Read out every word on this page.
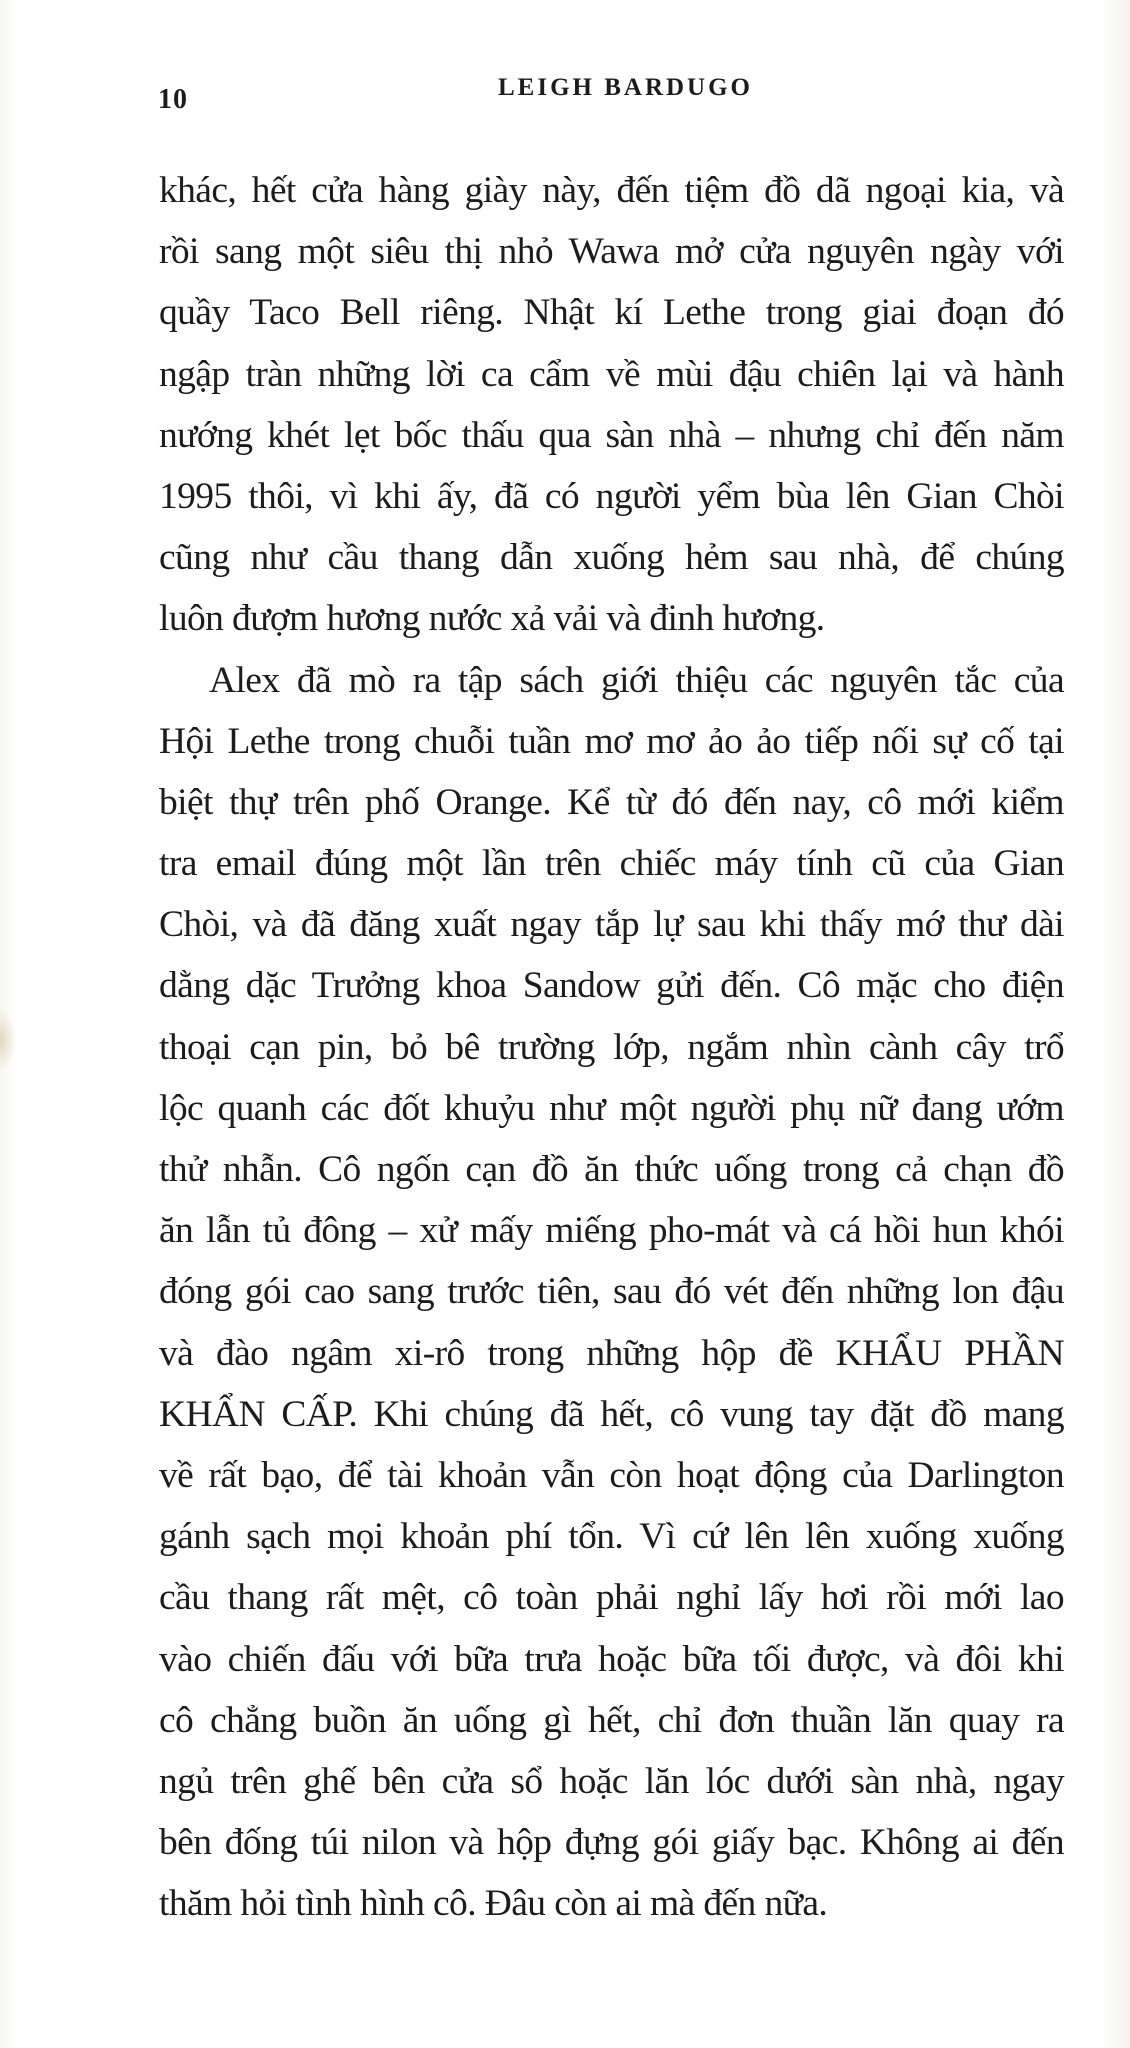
10	LEIGH BARDUGO
khác, hết cửa hàng giày này, đến tiệm đồ dã ngoại kia, và
rồi sang một siêu thị nhỏ Wawa mở cửa nguyên ngày với
quầy Taco Bell riêng. Nhật kí Lethe trong giai đoạn đó
ngập tràn những lời ca cẩm về mùi đậu chiên lại và hành
nướng khét lẹt bốc thấu qua sàn nhà – nhưng chỉ đến năm
1995 thôi, vì khi ấy, đã có người yểm bùa lên Gian Chòi
cũng như cầu thang dẫn xuống hẻm sau nhà, để chúng
luôn đượm hương nước xả vải và đinh hương.
Alex đã mò ra tập sách giới thiệu các nguyên tắc của
Hội Lethe trong chuỗi tuần mơ mơ ảo ảo tiếp nối sự cố tại
biệt thự trên phố Orange. Kể từ đó đến nay, cô mới kiểm
tra email đúng một lần trên chiếc máy tính cũ của Gian
Chòi, và đã đăng xuất ngay tắp lự sau khi thấy mớ thư dài
dằng dặc Trưởng khoa Sandow gửi đến. Cô mặc cho điện
thoại cạn pin, bỏ bê trường lớp, ngắm nhìn cành cây trổ
lộc quanh các đốt khuỷu như một người phụ nữ đang ướm
thử nhẫn. Cô ngốn cạn đồ ăn thức uống trong cả chạn đồ
ăn lẫn tủ đông – xử mấy miếng pho-mát và cá hồi hun khói
đóng gói cao sang trước tiên, sau đó vét đến những lon đậu
và đào ngâm xi-rô trong những hộp đề KHẨU PHẦN
KHẨN CẤP. Khi chúng đã hết, cô vung tay đặt đồ mang
về rất bạo, để tài khoản vẫn còn hoạt động của Darlington
gánh sạch mọi khoản phí tổn. Vì cứ lên lên xuống xuống
cầu thang rất mệt, cô toàn phải nghỉ lấy hơi rồi mới lao
vào chiến đấu với bữa trưa hoặc bữa tối được, và đôi khi
cô chẳng buồn ăn uống gì hết, chỉ đơn thuần lăn quay ra
ngủ trên ghế bên cửa sổ hoặc lăn lóc dưới sàn nhà, ngay
bên đống túi nilon và hộp đựng gói giấy bạc. Không ai đến
thăm hỏi tình hình cô. Đâu còn ai mà đến nữa.
